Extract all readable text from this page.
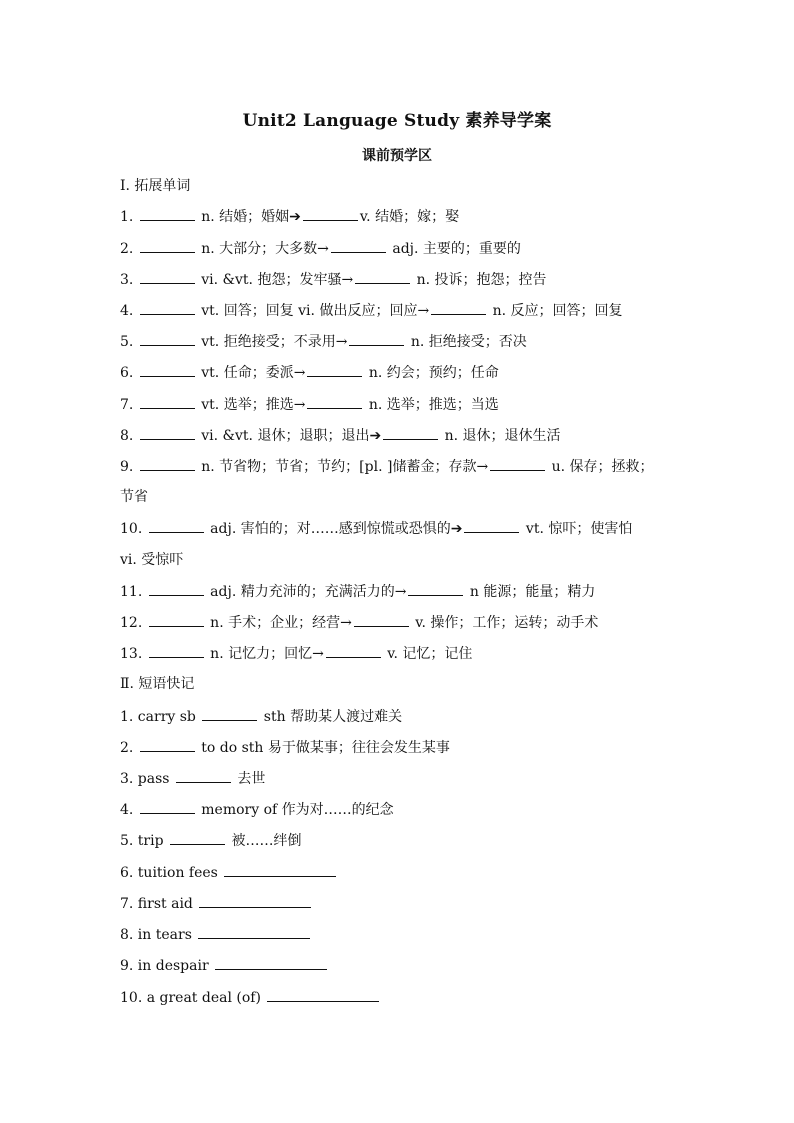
Unit2 Language Study 素养导学案
课前预学区
I. 拓展单词
1.	n. 结婚；婚姻➔	v. 结婚；嫁；娶
2.	n. 大部分；大多数→	adj. 主要的；重要的
3.	vi. &vt. 抱怨；发牢骚→	n. 投诉；抱怨；控告
4.	vt. 回答；回复 vi. 做出反应；回应→	n. 反应；回答；回复
5.	vt. 拒绝接受；不录用→	n. 拒绝接受；否决
6.	vt. 任命；委派→	n. 约会；预约；任命
7.	vt. 选举；推选→	n. 选举；推选；当选
8.	vi. &vt. 退休；退职；退出➔	n. 退休；退休生活
9.	n. 节省物；节省；节约；[pl. ]储蓄金；存款→	u. 保存；拯救；
节省
10.	adj. 害怕的；对……感到惊慌或恐惧的➔	vt. 惊吓；使害怕
vi. 受惊吓
11.	adj. 精力充沛的；充满活力的→	n 能源；能量；精力
12.	n. 手术；企业；经营→	v. 操作；工作；运转；动手术
13.	n. 记忆力；回忆→	v. 记忆；记住
Ⅱ. 短语快记
1. carry sb	sth 帮助某人渡过难关
2.	to do sth 易于做某事；往往会发生某事
3. pass	去世
4.	memory of 作为对……的纪念
5. trip	被……绊倒
6. tuition fees
7. first aid
8. in tears
9. in despair
10. a great deal (of)
